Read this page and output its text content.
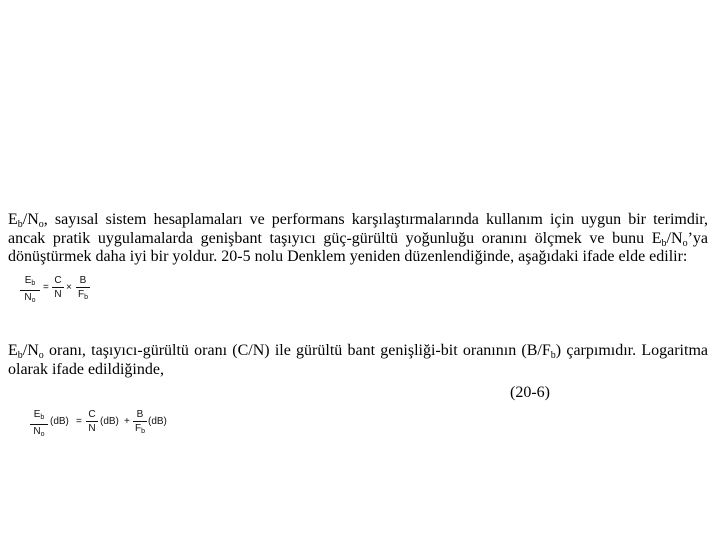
$E_b/N_o$, sayısal sistem hesaplamaları ve performans karşılaştırmalarında kullanım için uygun bir terimdir, ancak pratik uygulamalarda genişbant taşıyıcı güç-gürültü yoğunluğu oranını ölçmek ve bunu $E_b/N_o’ya$ dönüştürmek daha iyi bir yoldur. 20-5 nolu Denklem yeniden düzenlendiğinde, aşağıdaki ifade elde edilir:
$E_b$
$N_o$
=
C
N
×
B
$F_b$
$E_b/N_o$ oranı, taşıyıcı-gürültü oranı (C/N) ile gürültü bant genişliği-bit oranının $(B/F_b)$ çarpımıdır. Logaritma olarak ifade edildiğinde,
(20-6)
$E_b$
$N_o$
(dB) =
C
N
(dB) +
B
$F_b$
(dB)
